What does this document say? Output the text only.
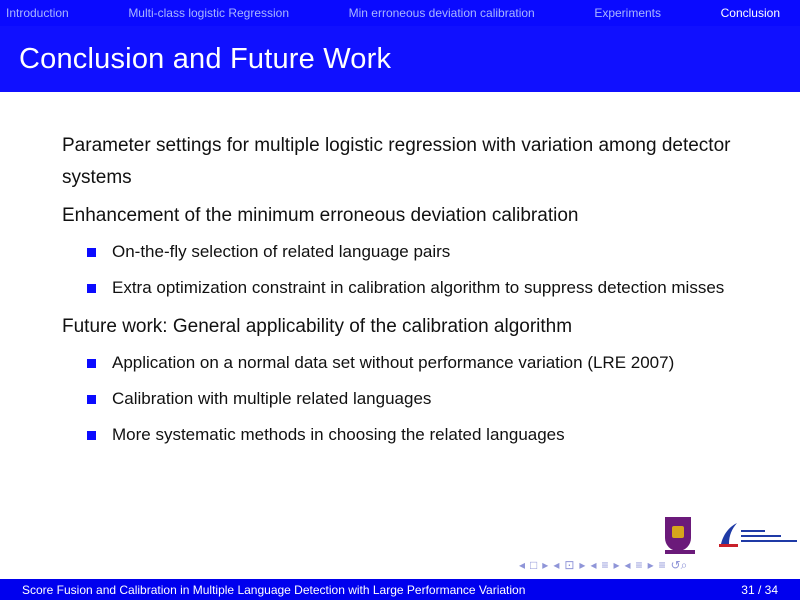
Introduction	Multi-class logistic Regression	Min erroneous deviation calibration	Experiments	Conclusion
Conclusion and Future Work

Parameter settings for multiple logistic regression with variation among detector systems

Enhancement of the minimum erroneous deviation calibration

On-the-fly selection of related language pairs
Extra optimization constraint in calibration algorithm to suppress detection misses

Future work: General applicability of the calibration algorithm

Application on a normal data set without performance variation (LRE 2007)
Calibration with multiple related languages
More systematic methods in choosing the related languages
◂ □ ▸ ◂ ⊡ ▸ ◂ ≡ ▸ ◂ ≡ ▸ ≡ ↺⌕
Score Fusion and Calibration in Multiple Language Detection with Large Performance Variation	31 / 34
